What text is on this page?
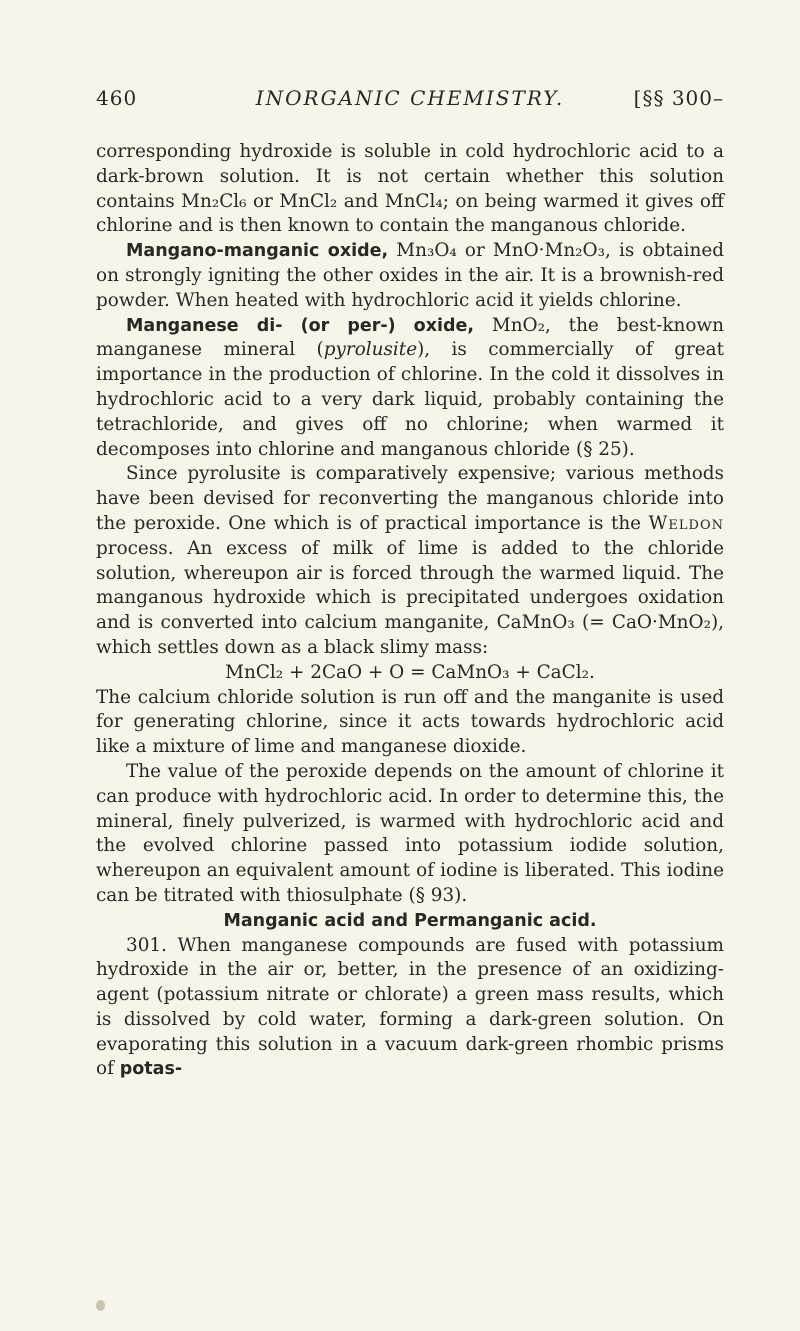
460	INORGANIC CHEMISTRY.	[§§ 300–

corresponding hydroxide is soluble in cold hydrochloric acid to a dark-brown solution. It is not certain whether this solution contains Mn₂Cl₆ or MnCl₂ and MnCl₄; on being warmed it gives off chlorine and is then known to contain the manganous chloride.

Mangano-manganic oxide, Mn₃O₄ or MnO·Mn₂O₃, is obtained on strongly igniting the other oxides in the air. It is a brownish-red powder. When heated with hydrochloric acid it yields chlorine.

Manganese di- (or per-) oxide, MnO₂, the best-known manganese mineral (pyrolusite), is commercially of great importance in the production of chlorine. In the cold it dissolves in hydrochloric acid to a very dark liquid, probably containing the tetrachloride, and gives off no chlorine; when warmed it decomposes into chlorine and manganous chloride (§ 25).

Since pyrolusite is comparatively expensive; various methods have been devised for reconverting the manganous chloride into the peroxide. One which is of practical importance is the Weldon process. An excess of milk of lime is added to the chloride solution, whereupon air is forced through the warmed liquid. The manganous hydroxide which is precipitated undergoes oxidation and is converted into calcium manganite, CaMnO₃ (= CaO·MnO₂), which settles down as a black slimy mass:

MnCl₂ + 2CaO + O = CaMnO₃ + CaCl₂.

The calcium chloride solution is run off and the manganite is used for generating chlorine, since it acts towards hydrochloric acid like a mixture of lime and manganese dioxide.

The value of the peroxide depends on the amount of chlorine it can produce with hydrochloric acid. In order to determine this, the mineral, finely pulverized, is warmed with hydrochloric acid and the evolved chlorine passed into potassium iodide solution, whereupon an equivalent amount of iodine is liberated. This iodine can be titrated with thiosulphate (§ 93).

Manganic acid and Permanganic acid.

301. When manganese compounds are fused with potassium hydroxide in the air or, better, in the presence of an oxidizing-agent (potassium nitrate or chlorate) a green mass results, which is dissolved by cold water, forming a dark-green solution. On evaporating this solution in a vacuum dark-green rhombic prisms of potas-
